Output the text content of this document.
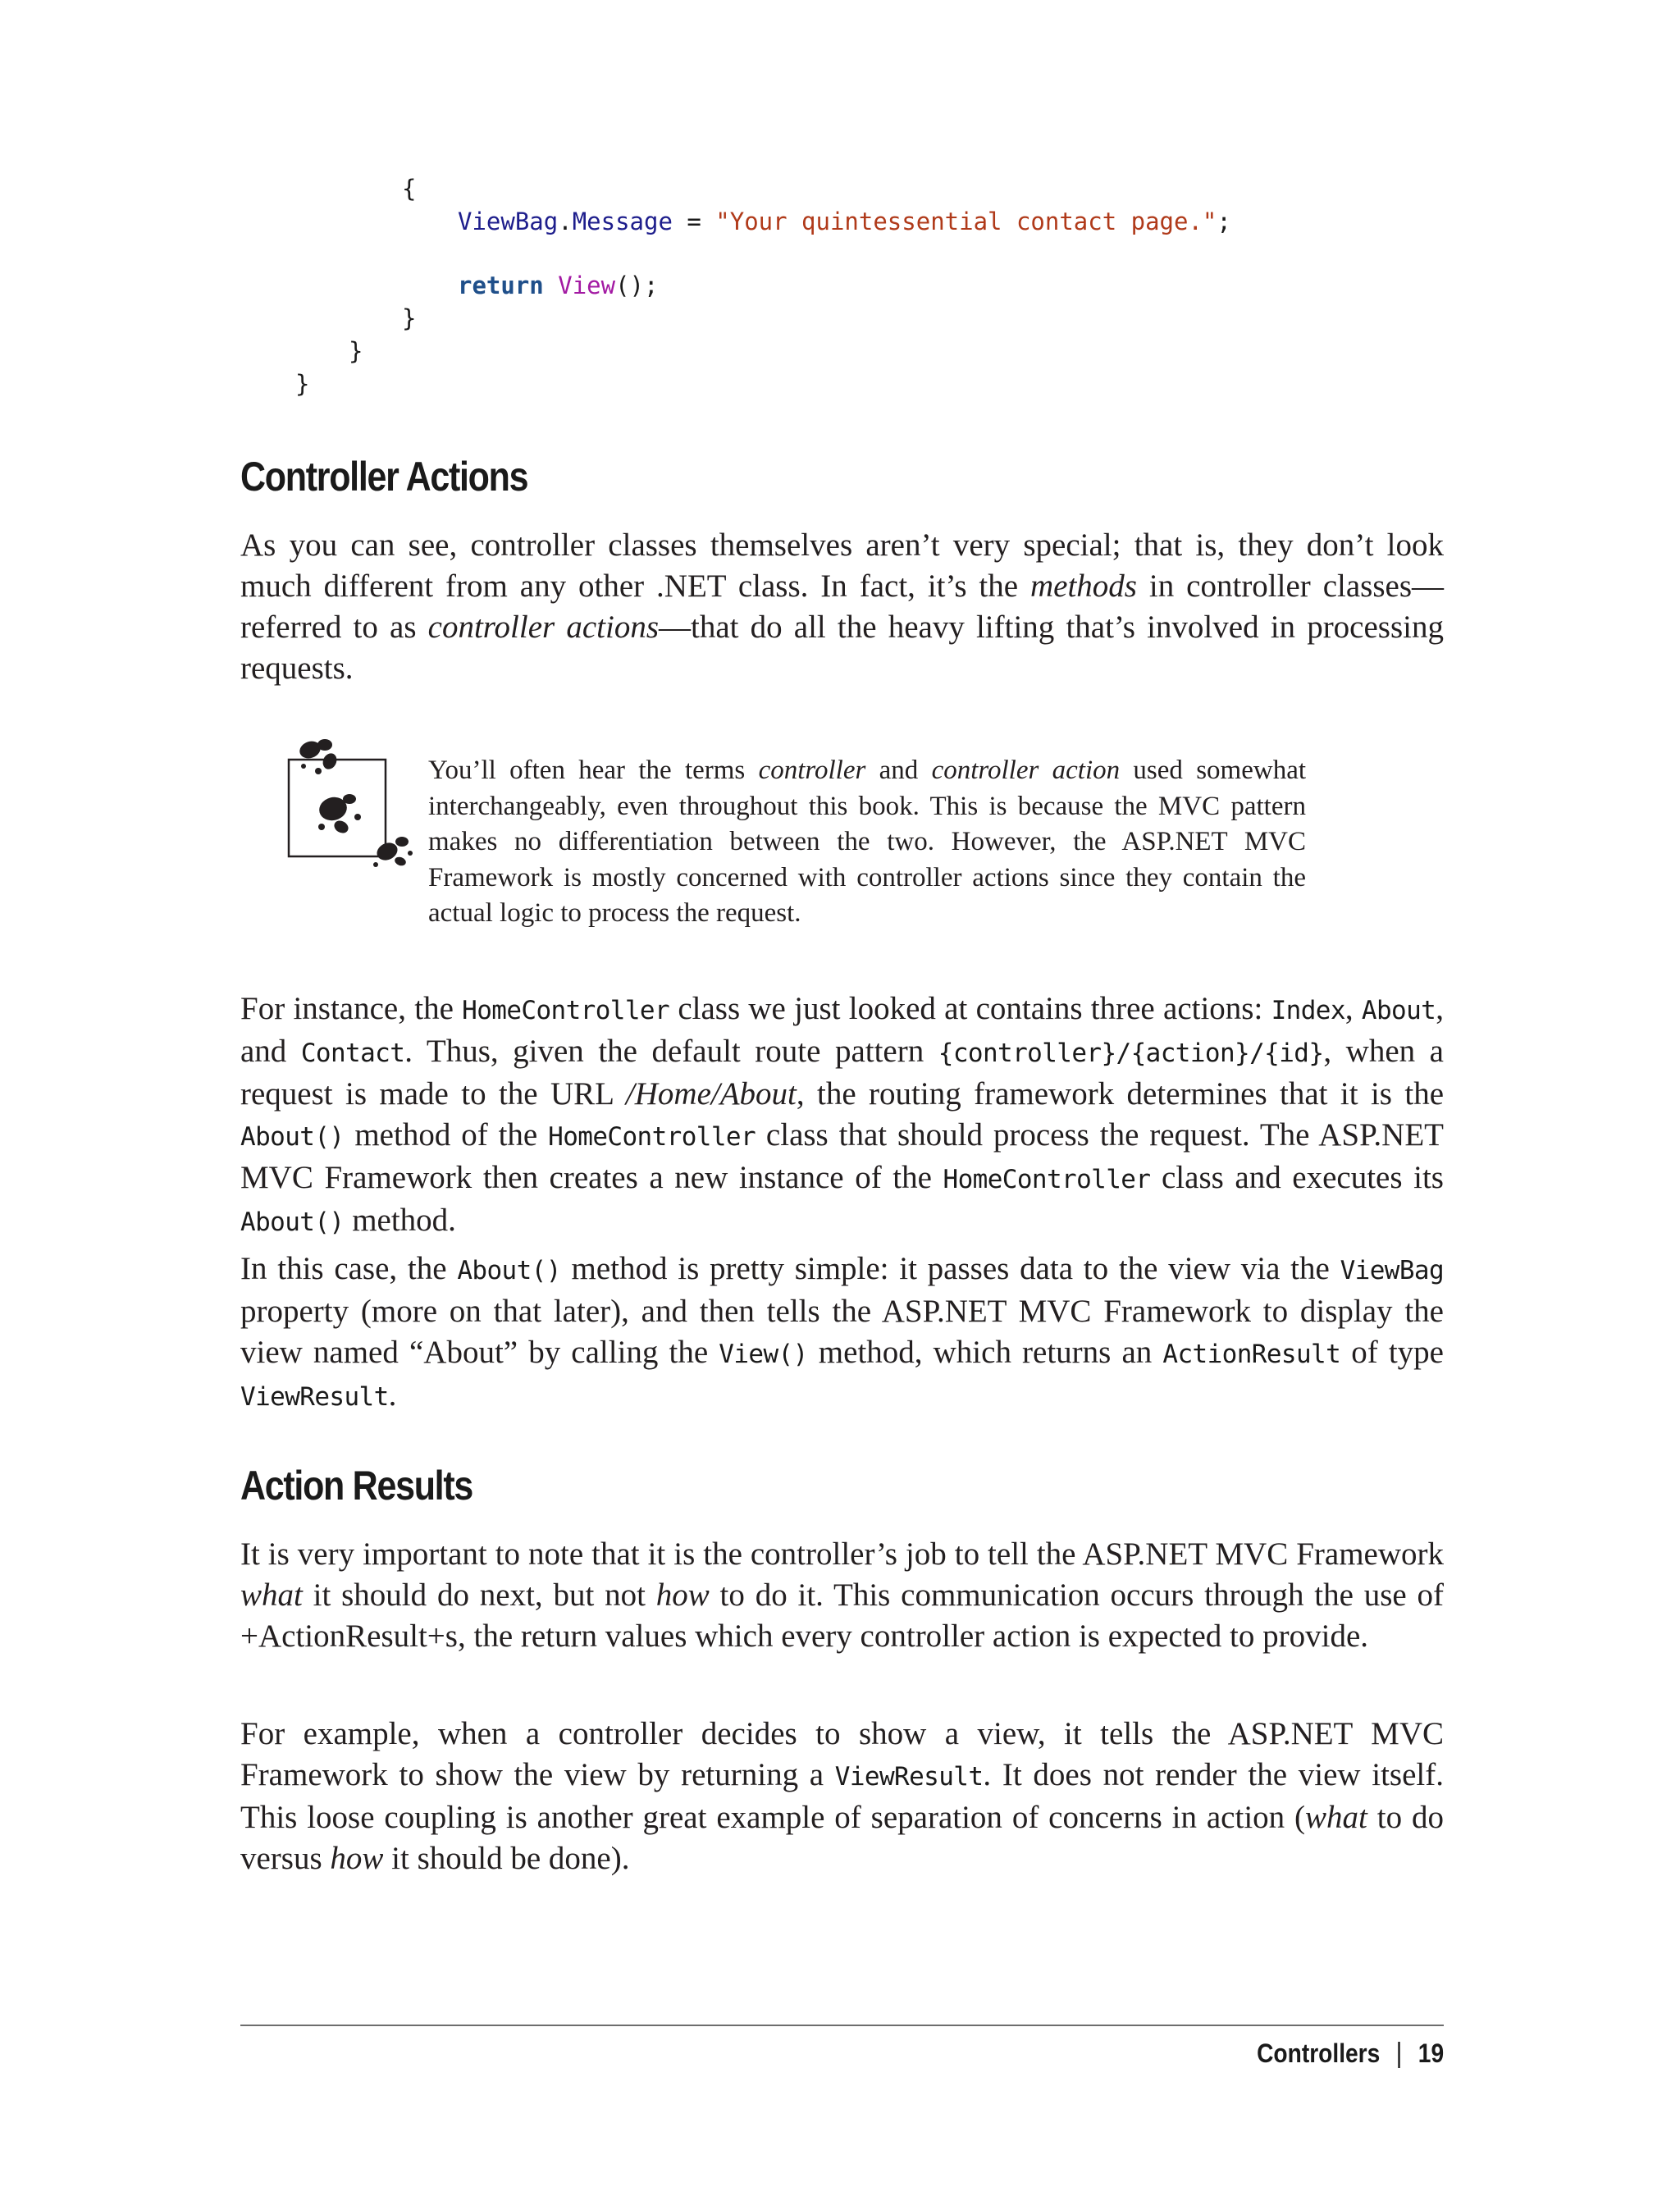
{
ViewBag.Message = "Your quintessential contact page.";
return View();
}
}
}
Controller Actions
As you can see, controller classes themselves aren’t very special; that is, they don’t look much different from any other .NET class. In fact, it’s the methods in controller classes—referred to as controller actions—that do all the heavy lifting that’s involved in processing requests.
You’ll often hear the terms controller and controller action used somewhat interchangeably, even throughout this book. This is because the MVC pattern makes no differentiation between the two. However, the ASP.NET MVC Framework is mostly concerned with controller actions since they contain the actual logic to process the request.
For instance, the HomeController class we just looked at contains three actions: Index, About, and Contact. Thus, given the default route pattern {controller}/{action}/{id}, when a request is made to the URL /Home/About, the routing framework determines that it is the About() method of the HomeController class that should process the request. The ASP.NET MVC Framework then creates a new instance of the HomeController class and executes its About() method.
In this case, the About() method is pretty simple: it passes data to the view via the ViewBag property (more on that later), and then tells the ASP.NET MVC Framework to display the view named “About” by calling the View() method, which returns an ActionResult of type ViewResult.
Action Results
It is very important to note that it is the controller’s job to tell the ASP.NET MVC Framework what it should do next, but not how to do it. This communication occurs through the use of +ActionResult+s, the return values which every controller action is expected to provide.
For example, when a controller decides to show a view, it tells the ASP.NET MVC Framework to show the view by returning a ViewResult. It does not render the view itself. This loose coupling is another great example of separation of concerns in action (what to do versus how it should be done).
Controllers | 19
